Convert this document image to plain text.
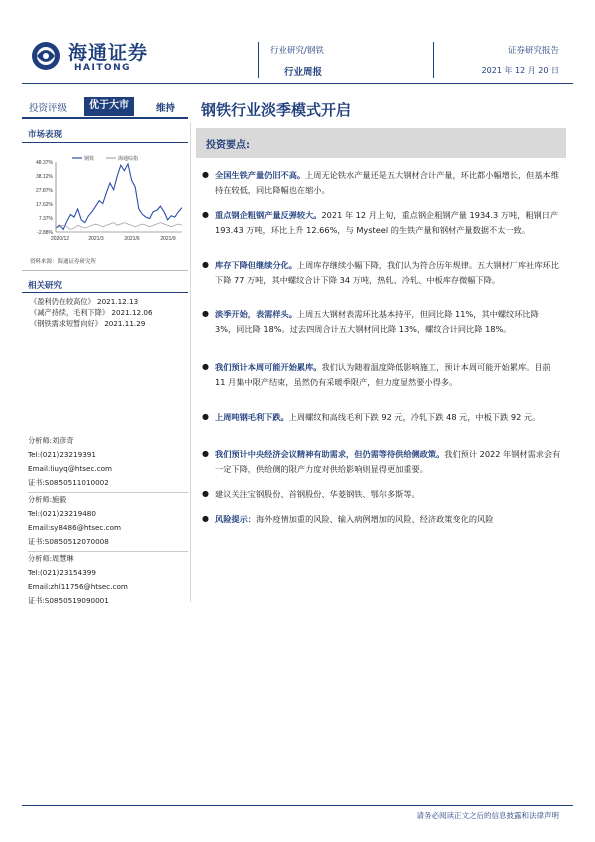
海通证券
HAITONG
行业研究/钢铁
行业周报
证券研究报告
2021 年 12 月 20 日
投资评级	优于大市	维持 钢铁行业淡季模式开启
市场表现
48.37%
38.12%
27.87%
17.62%
7.37%
-2.88%
2020/12	2021/3	2021/6	2021/9
钢铁	海通综指
资料来源：海通证券研究所
相关研究
《盈利仍在较高位》 2021.12.13
《减产持续，毛利下降》 2021.12.06
《钢铁需求短暂向好》 2021.11.29
分析师:刘彦奇
Tel:(021)23219391
Email:liuyq@htsec.com
证书:S0850511010002
分析师:施毅
Tel:(021)23219480
Email:sy8486@htsec.com
证书:S0850512070008
分析师:周慧琳
Tel:(021)23154399
Email:zhl11756@htsec.com
证书:S0850519090001
投资要点:
● 全国生铁产量仍旧不高。上周无论铁水产量还是五大钢材合计产量，环比都小幅增长，但基本维持在较低，同比降幅也在缩小。
● 重点钢企粗钢产量反弹较大。2021 年 12 月上旬，重点钢企粗钢产量 1934.3 万吨，粗钢日产 193.43 万吨，环比上升 12.66%，与 Mysteel 的生铁产量和钢材产量数据不太一致。
● 库存下降但继续分化。上周库存继续小幅下降，我们认为符合历年规律。五大钢材厂库社库环比下降 77 万吨，其中螺纹合计下降 34 万吨，热轧、冷轧、中板库存微幅下降。
● 淡季开始，表需样头。上周五大钢材表需环比基本持平，但同比降 11%，其中螺纹环比降 3%，同比降 18%。过去四周合计五大钢材同比降 13%，螺纹合计同比降 18%。
● 我们预计本周可能开始累库。我们认为随着温度降低影响施工，预计本周可能开始累库。目前 11 月集中限产结束，虽然仍有采暖季限产，但力度显然要小得多。
● 上周吨钢毛利下跌。上周螺纹和高线毛利下跌 92 元，冷轧下跌 48 元，中板下跌 92 元。
● 我们预计中央经济会议精神有助需求，但仍需等待供给侧政策。我们预计 2022 年钢材需求会有一定下降，供给侧的限产力度对供给影响则显得更加重要。
● 建议关注宝钢股份、首钢股份、华菱钢铁、鄂尔多斯等。
● 风险提示：海外疫情加重的风险、输入病例增加的风险、经济政策变化的风险
请务必阅读正文之后的信息披露和法律声明
